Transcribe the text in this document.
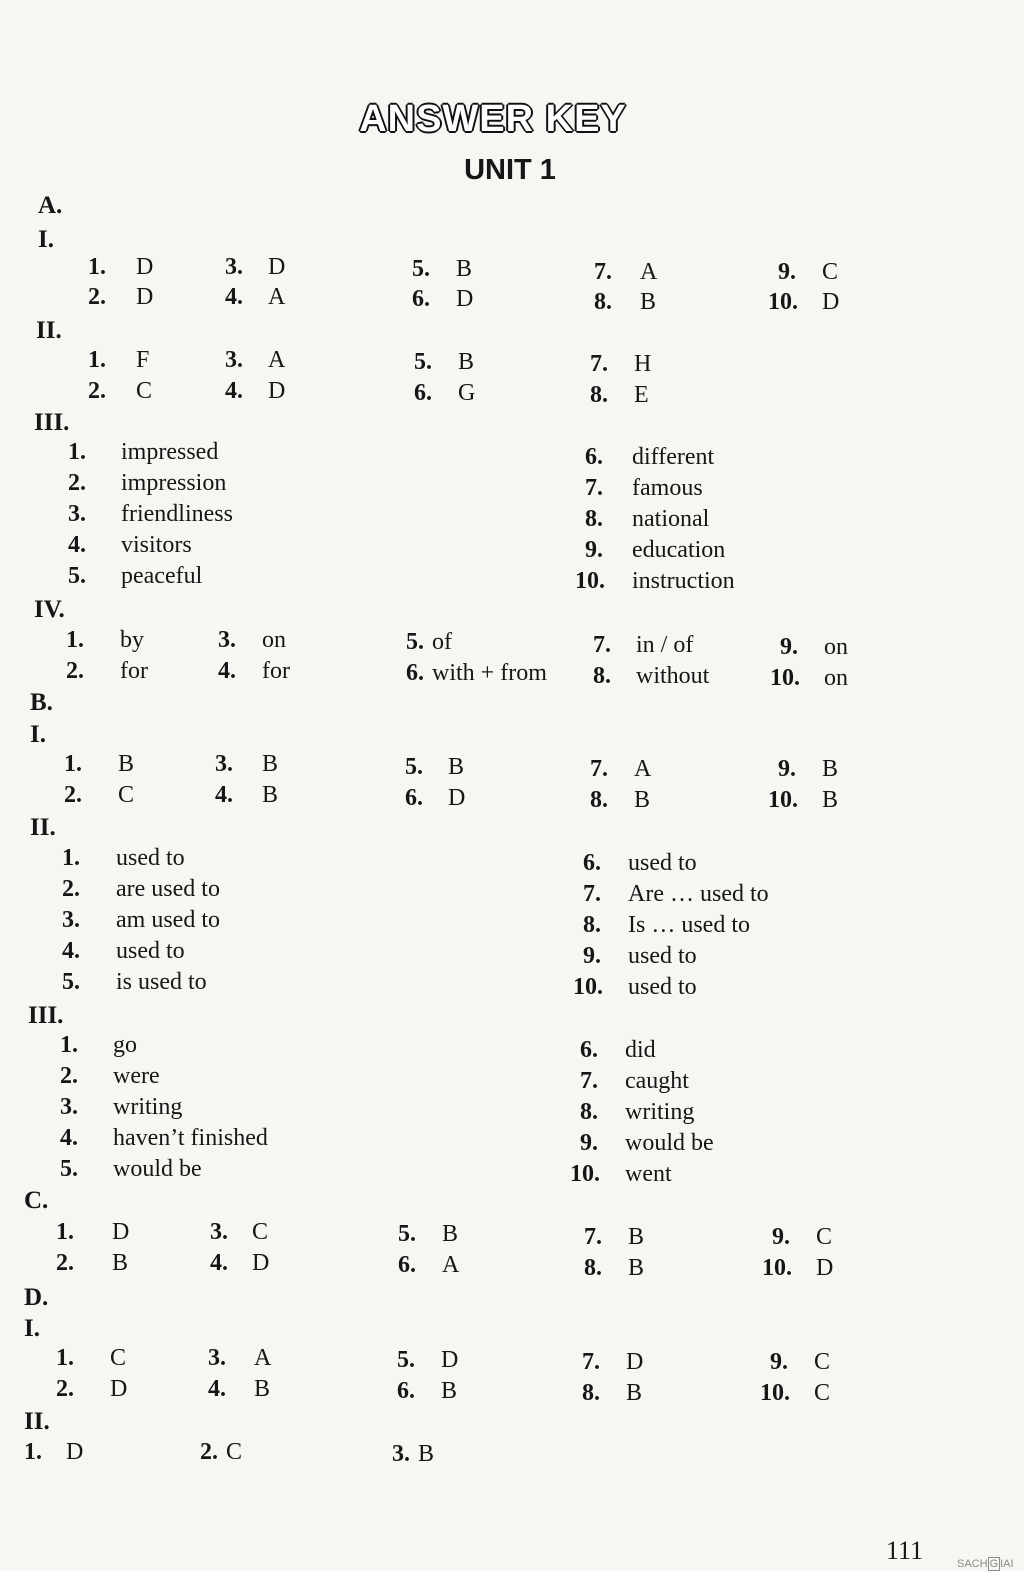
ANSWER KEY
UNIT 1
111	SACH G IAI
A.
B.
C.
D.
I.
1. D
2. D
3. D
4. A
5. B
6. D
7. A
8. B
9. C
10. D
II.
1. F
2. C
3. A
4. D
5. B
6. G
7. H
8. E
III.
1. impressed
2. impression
3. friendliness
4. visitors
5. peaceful
6. different
7. famous
8. national
9. education
10. instruction
IV.
1. by
2. for
3. on
4. for
5. of
6. with + from
7. in / of
8. without
9. on
10. on
I.
1. B
2. C
3. B
4. B
5. B
6. D
7. A
8. B
9. B
10. B
II.
1. used to
2. are used to
3. am used to
4. used to
5. is used to
6. used to
7. Are … used to
8. Is … used to
9. used to
10. used to
III.
1. go
2. were
3. writing
4. haven’t finished
5. would be
6. did
7. caught
8. writing
9. would be
10. went
1. D
2. B
3. C
4. D
5. B
6. A
7. B
8. B
9. C
10. D
I.
1. C
2. D
3. A
4. B
5. D
6. B
7. D
8. B
9. C
10. C
II.
1. D	2. C	3. B
